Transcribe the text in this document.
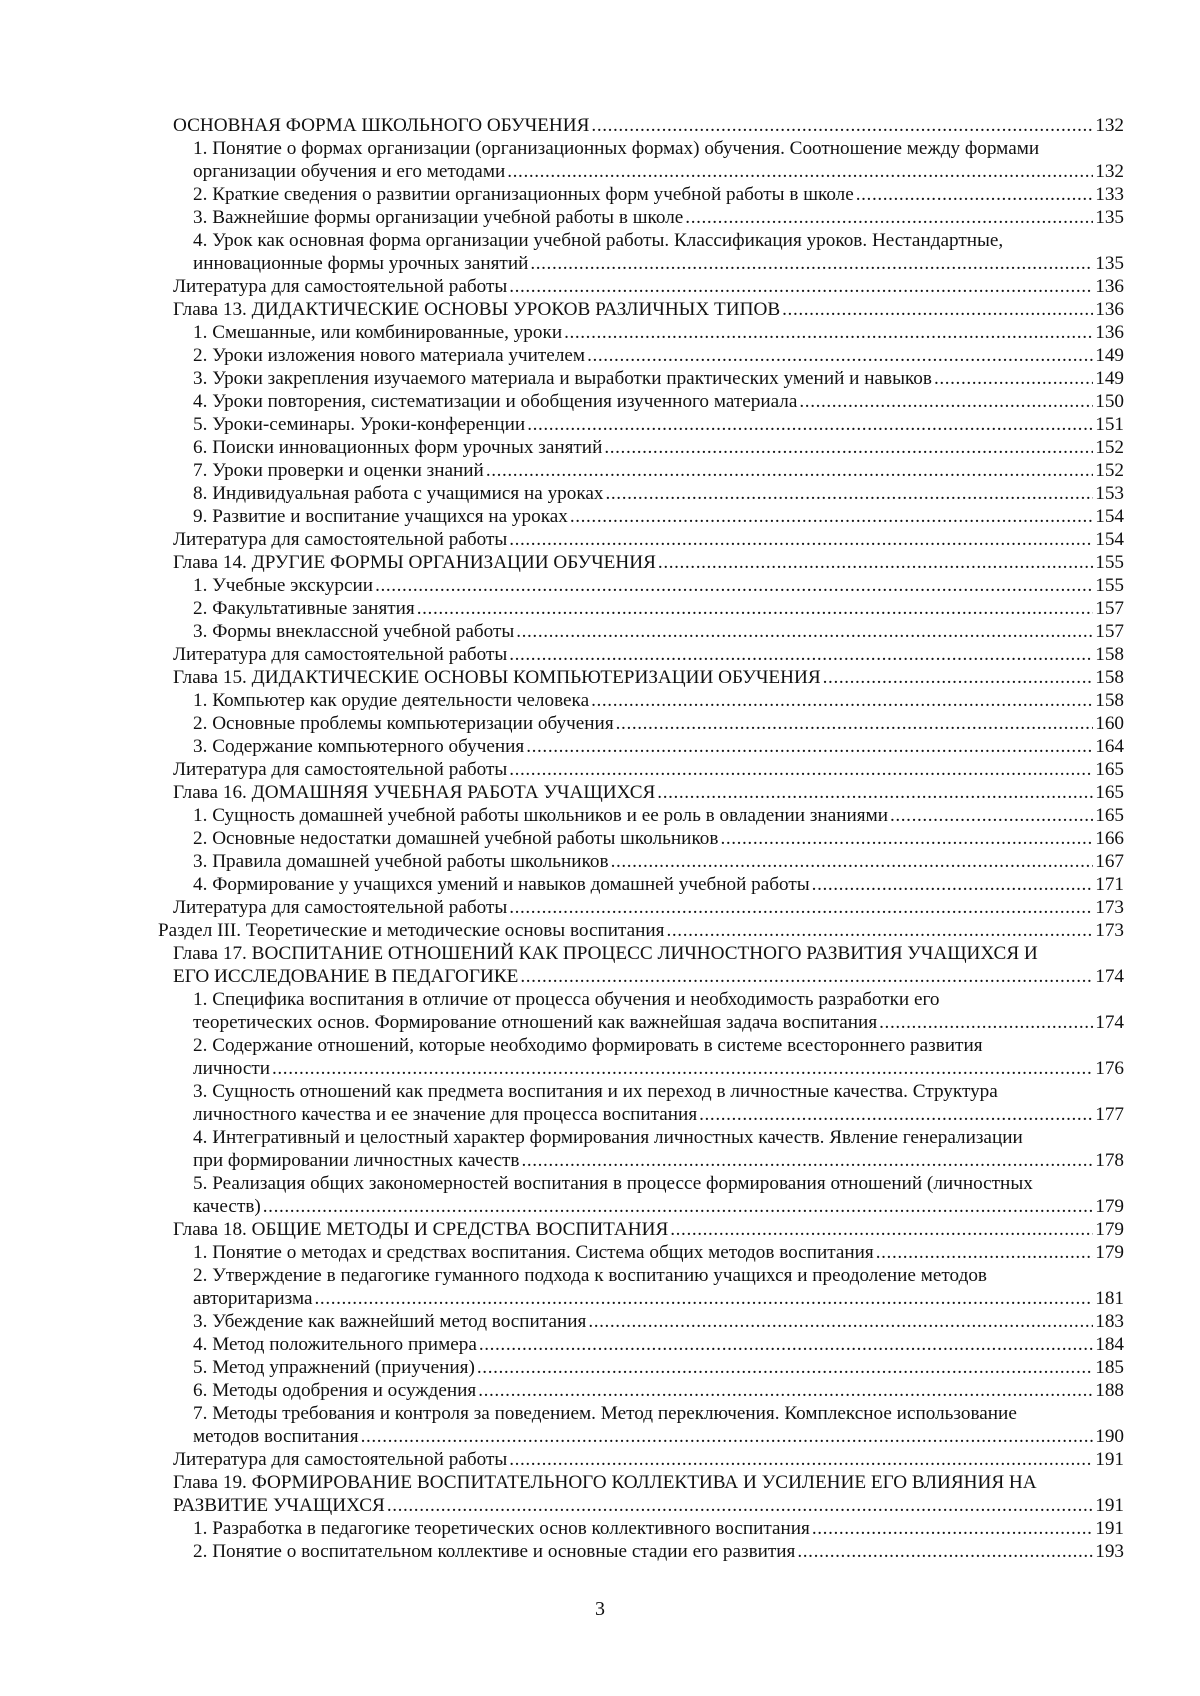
ОСНОВНАЯ ФОРМА ШКОЛЬНОГО ОБУЧЕНИЯ .....	132
1. Понятие о формах организации (организационных формах) обучения. Соотношение между формами
организации обучения и его методами .....	132
2. Краткие сведения о развитии организационных форм учебной работы в школе .....	133
3. Важнейшие формы организации учебной работы в школе .....	135
4. Урок как основная форма организации учебной работы. Классификация уроков. Нестандартные,
инновационные формы урочных занятий .....	135
Литература для самостоятельной работы .....	136
Глава 13. ДИДАКТИЧЕСКИЕ ОСНОВЫ УРОКОВ РАЗЛИЧНЫХ ТИПОВ .....	136
1. Смешанные, или комбинированные, уроки .....	136
2. Уроки изложения нового материала учителем .....	149
3. Уроки закрепления изучаемого материала и выработки практических умений и навыков .....	149
4. Уроки повторения, систематизации и обобщения изученного материала .....	150
5. Уроки-семинары. Уроки-конференции .....	151
6. Поиски инновационных форм урочных занятий .....	152
7. Уроки проверки и оценки знаний .....	152
8. Индивидуальная работа с учащимися на уроках .....	153
9. Развитие и воспитание учащихся на уроках .....	154
Литература для самостоятельной работы .....	154
Глава 14. ДРУГИЕ ФОРМЫ ОРГАНИЗАЦИИ ОБУЧЕНИЯ .....	155
1. Учебные экскурсии .....	155
2. Факультативные занятия .....	157
3. Формы внеклассной учебной работы .....	157
Литература для самостоятельной работы .....	158
Глава 15. ДИДАКТИЧЕСКИЕ ОСНОВЫ КОМПЬЮТЕРИЗАЦИИ ОБУЧЕНИЯ .....	158
1. Компьютер как орудие деятельности человека .....	158
2. Основные проблемы компьютеризации обучения .....	160
3. Содержание компьютерного обучения .....	164
Литература для самостоятельной работы .....	165
Глава 16. ДОМАШНЯЯ УЧЕБНАЯ РАБОТА УЧАЩИХСЯ .....	165
1. Сущность домашней учебной работы школьников и ее роль в овладении знаниями .....	165
2. Основные недостатки домашней учебной работы школьников .....	166
3. Правила домашней учебной работы школьников .....	167
4. Формирование у учащихся умений и навыков домашней учебной работы .....	171
Литература для самостоятельной работы .....	173
Раздел III. Теоретические и методические основы воспитания .....	173
Глава 17. ВОСПИТАНИЕ ОТНОШЕНИЙ КАК ПРОЦЕСС ЛИЧНОСТНОГО РАЗВИТИЯ УЧАЩИХСЯ И
ЕГО ИССЛЕДОВАНИЕ В ПЕДАГОГИКЕ .....	174
1. Специфика воспитания в отличие от процесса обучения и необходимость разработки его
теоретических основ. Формирование отношений как важнейшая задача воспитания .....	174
2. Содержание отношений, которые необходимо формировать в системе всестороннего развития
личности .....	176
3. Сущность отношений как предмета воспитания и их переход в личностные качества. Структура
личностного качества и ее значение для процесса воспитания .....	177
4. Интегративный и целостный характер формирования личностных качеств. Явление генерализации
при формировании личностных качеств .....	178
5. Реализация общих закономерностей воспитания в процессе формирования отношений (личностных
качеств) .....	179
Глава 18. ОБЩИЕ МЕТОДЫ И СРЕДСТВА ВОСПИТАНИЯ .....	179
1. Понятие о методах и средствах воспитания. Система общих методов воспитания .....	179
2. Утверждение в педагогике гуманного подхода к воспитанию учащихся и преодоление методов
авторитаризма .....	181
3. Убеждение как важнейший метод воспитания .....	183
4. Метод положительного примера .....	184
5. Метод упражнений (приучения) .....	185
6. Методы одобрения и осуждения .....	188
7. Методы требования и контроля за поведением. Метод переключения. Комплексное использование
методов воспитания .....	190
Литература для самостоятельной работы .....	191
Глава 19. ФОРМИРОВАНИЕ ВОСПИТАТЕЛЬНОГО КОЛЛЕКТИВА И УСИЛЕНИЕ ЕГО ВЛИЯНИЯ НА
РАЗВИТИЕ УЧАЩИХСЯ .....	191
1. Разработка в педагогике теоретических основ коллективного воспитания .....	191
2. Понятие о воспитательном коллективе и основные стадии его развития .....	193
3
